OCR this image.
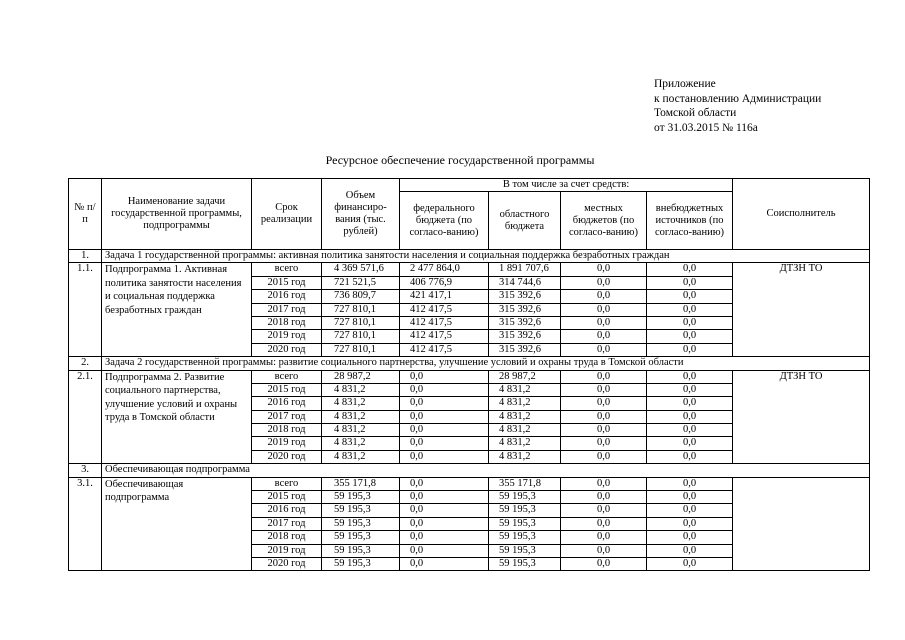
Приложение
к постановлению Администрации
Томской области
от 31.03.2015 № 116а
Ресурсное обеспечение государственной программы
№ п/п	Наименование задачи государственной программы, подпрограммы	Срок реализации	Объем финансиро-вания (тыс. рублей)	В том числе за счет средств:				Соисполнитель
				федерального бюджета (по согласо-ванию)	областного бюджета	местных бюджетов (по согласо-ванию)	внебюджетных источников (по согласо-ванию)	
1.	Задача 1 государственной программы: активная политика занятости населения и социальная поддержка безработных граждан							
1.1.	Подпрограмма 1. Активная политика занятости населения и социальная поддержка безработных граждан	всего	4 369 571,6	2 477 864,0	1 891 707,6	0,0	0,0	ДТЗН ТО
		2015 год	721 521,5	406 776,9	314 744,6	0,0	0,0	
		2016 год	736 809,7	421 417,1	315 392,6	0,0	0,0	
		2017 год	727 810,1	412 417,5	315 392,6	0,0	0,0	
		2018 год	727 810,1	412 417,5	315 392,6	0,0	0,0	
		2019 год	727 810,1	412 417,5	315 392,6	0,0	0,0	
		2020 год	727 810,1	412 417,5	315 392,6	0,0	0,0	
2.	Задача 2 государственной программы: развитие социального партнерства, улучшение условий и охраны труда в Томской области							
2.1.	Подпрограмма 2. Развитие социального партнерства, улучшение условий и охраны труда в Томской области	всего	28 987,2	0,0	28 987,2	0,0	0,0	ДТЗН ТО
		2015 год	4 831,2	0,0	4 831,2	0,0	0,0	
		2016 год	4 831,2	0,0	4 831,2	0,0	0,0	
		2017 год	4 831,2	0,0	4 831,2	0,0	0,0	
		2018 год	4 831,2	0,0	4 831,2	0,0	0,0	
		2019 год	4 831,2	0,0	4 831,2	0,0	0,0	
		2020 год	4 831,2	0,0	4 831,2	0,0	0,0	
3.	Обеспечивающая подпрограмма							
3.1.	Обеспечивающая подпрограмма	всего	355 171,8	0,0	355 171,8	0,0	0,0	
		2015 год	59 195,3	0,0	59 195,3	0,0	0,0	
		2016 год	59 195,3	0,0	59 195,3	0,0	0,0	
		2017 год	59 195,3	0,0	59 195,3	0,0	0,0	
		2018 год	59 195,3	0,0	59 195,3	0,0	0,0	
		2019 год	59 195,3	0,0	59 195,3	0,0	0,0	
		2020 год	59 195,3	0,0	59 195,3	0,0	0,0	
